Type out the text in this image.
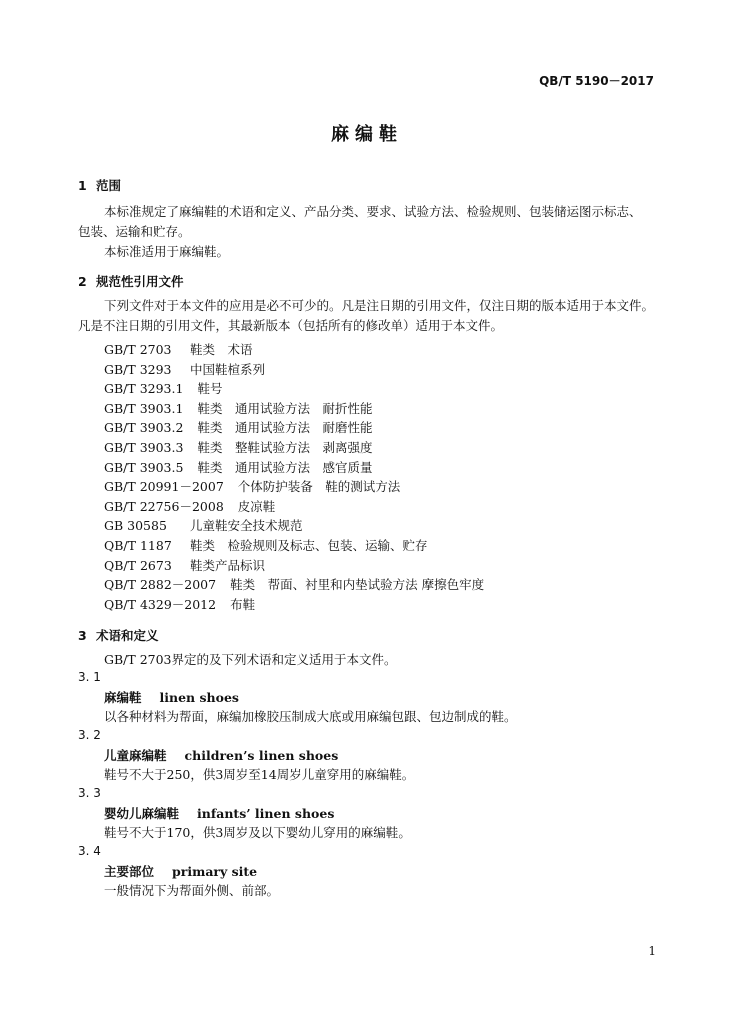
QB/T 5190－2017
麻编鞋
1 范围
本标准规定了麻编鞋的术语和定义、产品分类、要求、试验方法、检验规则、包装储运图示标志、
包装、运输和贮存。
本标准适用于麻编鞋。
2 规范性引用文件
下列文件对于本文件的应用是必不可少的。凡是注日期的引用文件，仅注日期的版本适用于本文件。
凡是不注日期的引用文件，其最新版本（包括所有的修改单）适用于本文件。
GB/T 2703 鞋类　术语
GB/T 3293 中国鞋楦系列
GB/T 3293.1 鞋号
GB/T 3903.1 鞋类　通用试验方法　耐折性能
GB/T 3903.2 鞋类　通用试验方法　耐磨性能
GB/T 3903.3 鞋类　整鞋试验方法　剥离强度
GB/T 3903.5 鞋类　通用试验方法　感官质量
GB/T 20991－2007 个体防护装备　鞋的测试方法
GB/T 22756－2008 皮凉鞋
GB 30585 儿童鞋安全技术规范
QB/T 1187 鞋类　检验规则及标志、包装、运输、贮存
QB/T 2673 鞋类产品标识
QB/T 2882－2007 鞋类　帮面、衬里和内垫试验方法 摩擦色牢度
QB/T 4329－2012 布鞋
3 术语和定义
GB/T 2703界定的及下列术语和定义适用于本文件。
3. 1
麻编鞋 linen shoes
以各种材料为帮面，麻编加橡胶压制成大底或用麻编包跟、包边制成的鞋。
3. 2
儿童麻编鞋 children’s linen shoes
鞋号不大于250，供3周岁至14周岁儿童穿用的麻编鞋。
3. 3
婴幼儿麻编鞋 infants’ linen shoes
鞋号不大于170，供3周岁及以下婴幼儿穿用的麻编鞋。
3. 4
主要部位 primary site
一般情况下为帮面外侧、前部。
1
